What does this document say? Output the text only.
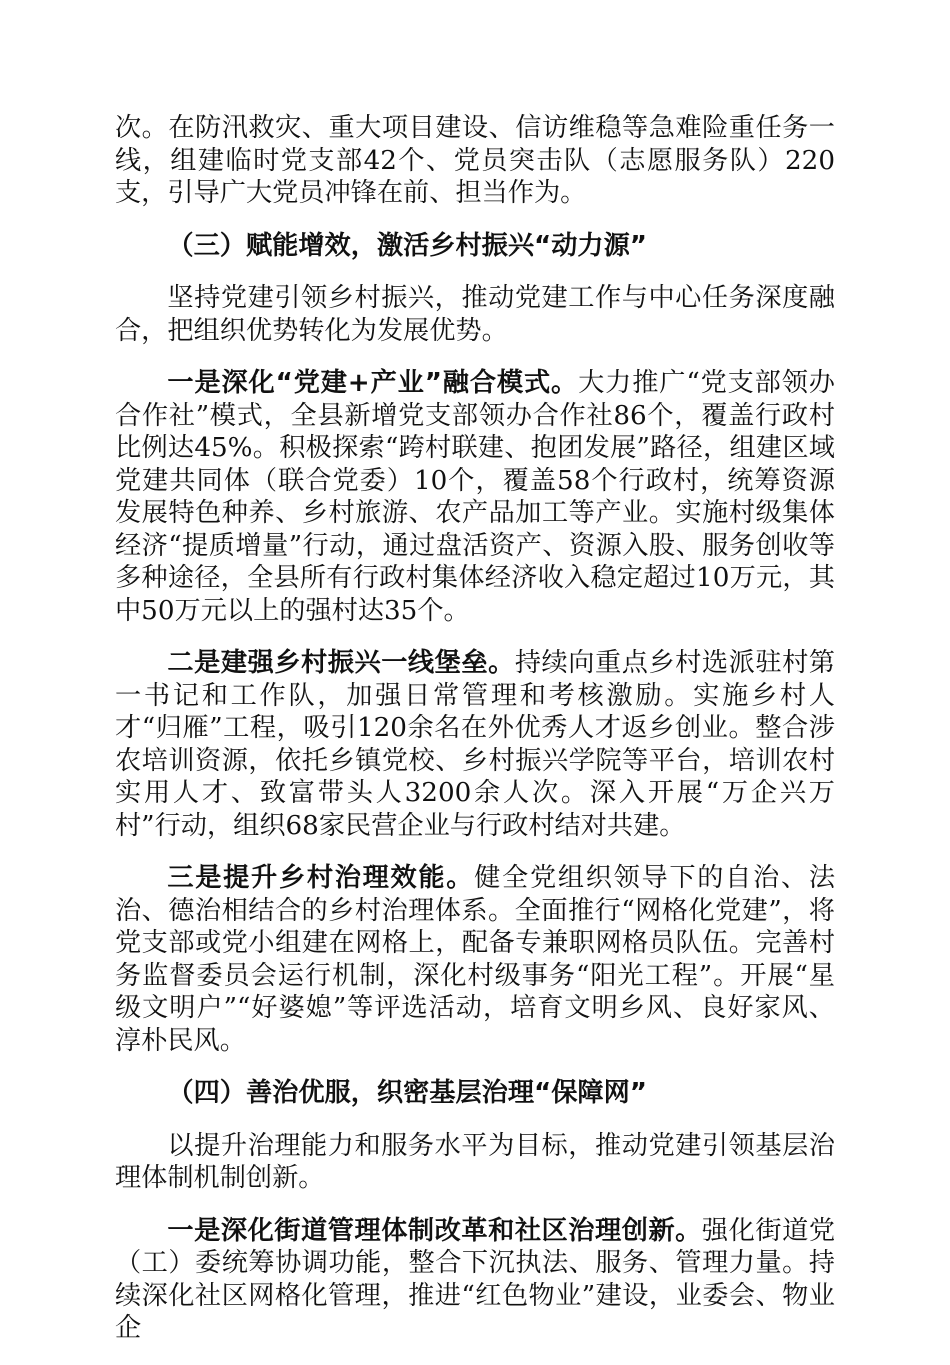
次。在防汛救灾、重大项目建设、信访维稳等急难险重任务一线，组建临时党支部42个、党员突击队（志愿服务队）220支，引导广大党员冲锋在前、担当作为。

（三）赋能增效，激活乡村振兴“动力源”

坚持党建引领乡村振兴，推动党建工作与中心任务深度融合，把组织优势转化为发展优势。

一是深化“党建+产业”融合模式。大力推广“党支部领办合作社”模式，全县新增党支部领办合作社86个，覆盖行政村比例达45%。积极探索“跨村联建、抱团发展”路径，组建区域党建共同体（联合党委）10个，覆盖58个行政村，统筹资源发展特色种养、乡村旅游、农产品加工等产业。实施村级集体经济“提质增量”行动，通过盘活资产、资源入股、服务创收等多种途径，全县所有行政村集体经济收入稳定超过10万元，其中50万元以上的强村达35个。

二是建强乡村振兴一线堡垒。持续向重点乡村选派驻村第一书记和工作队，加强日常管理和考核激励。实施乡村人才“归雁”工程，吸引120余名在外优秀人才返乡创业。整合涉农培训资源，依托乡镇党校、乡村振兴学院等平台，培训农村实用人才、致富带头人3200余人次。深入开展“万企兴万村”行动，组织68家民营企业与行政村结对共建。

三是提升乡村治理效能。健全党组织领导下的自治、法治、德治相结合的乡村治理体系。全面推行“网格化党建”，将党支部或党小组建在网格上，配备专兼职网格员队伍。完善村务监督委员会运行机制，深化村级事务“阳光工程”。开展“星级文明户”“好婆媳”等评选活动，培育文明乡风、良好家风、淳朴民风。

（四）善治优服，织密基层治理“保障网”

以提升治理能力和服务水平为目标，推动党建引领基层治理体制机制创新。

一是深化街道管理体制改革和社区治理创新。强化街道党（工）委统筹协调功能，整合下沉执法、服务、管理力量。持续深化社区网格化管理，推进“红色物业”建设，业委会、物业企
